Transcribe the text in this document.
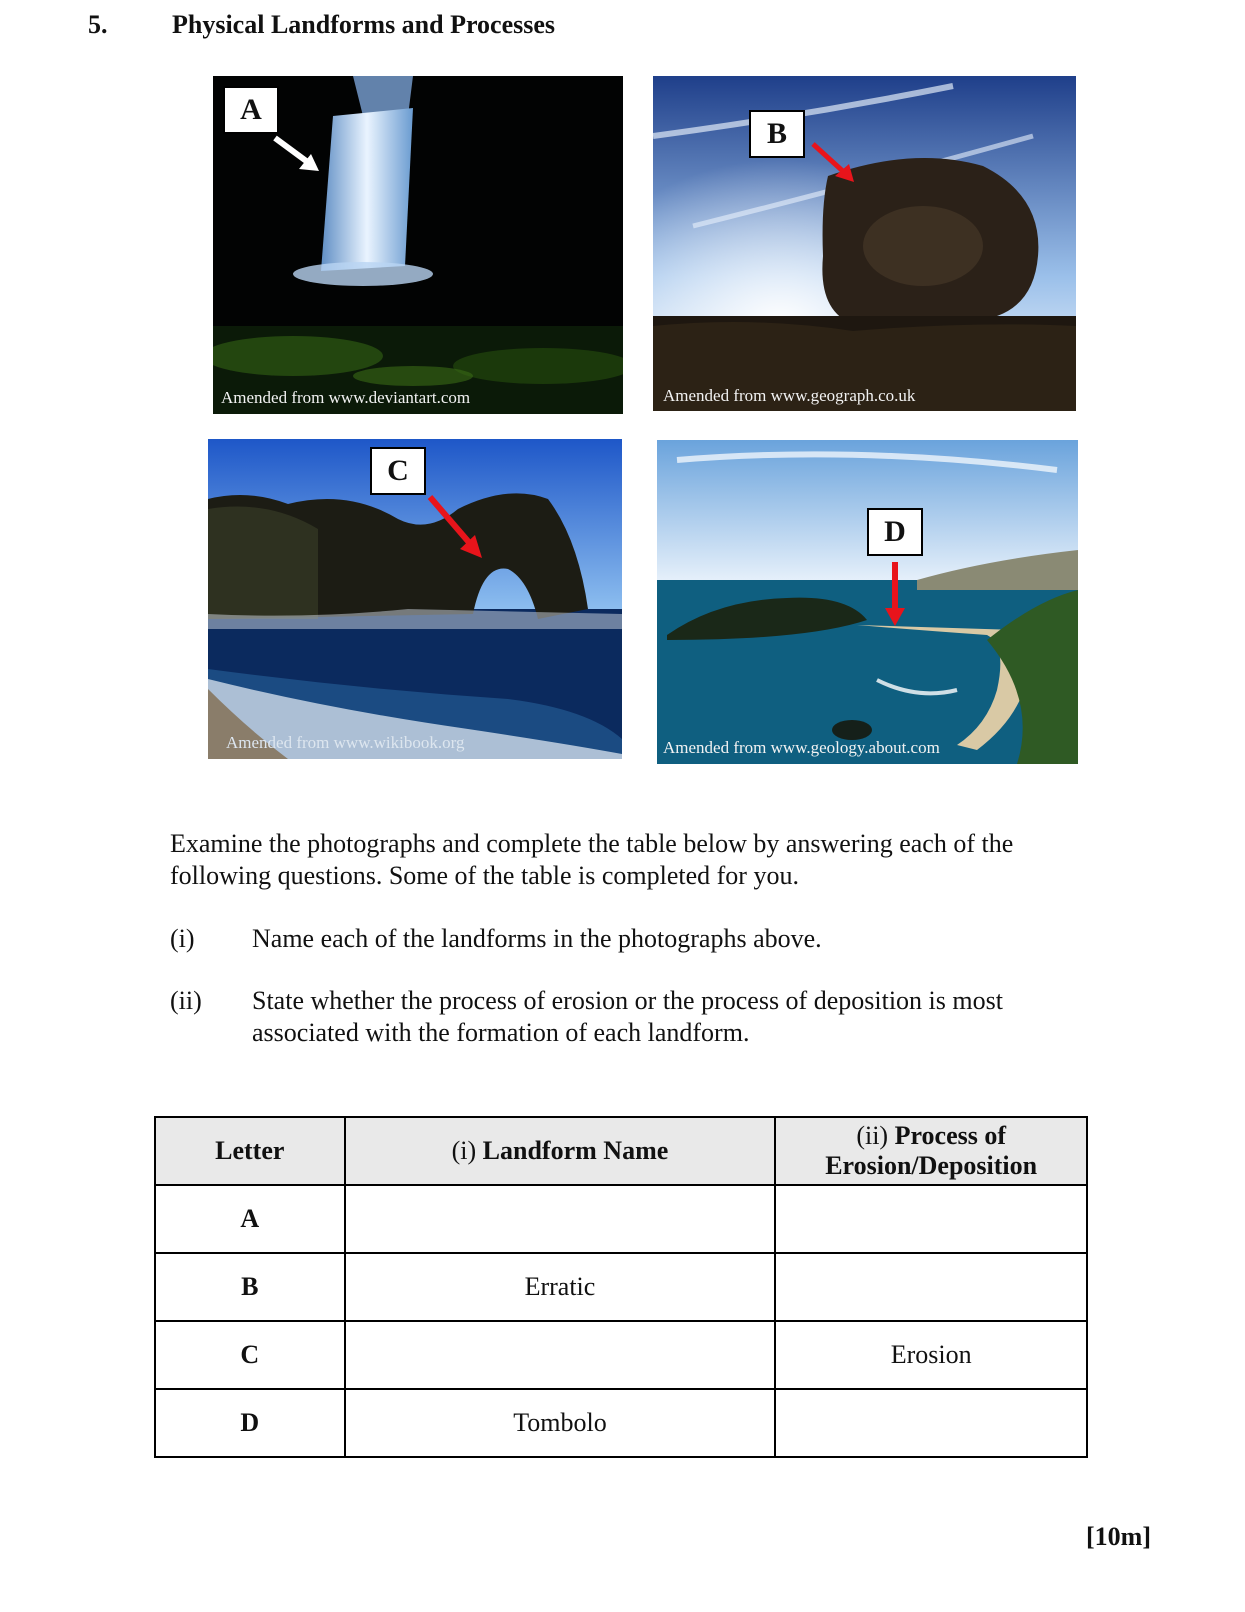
5. Physical Landforms and Processes
A
Amended from www.deviantart.com
B
Amended from www.geograph.co.uk
C
Amended from www.wikibook.org
D
Amended from www.geology.about.com
Examine the photographs and complete the table below by answering each of the following questions. Some of the table is completed for you.
(i) Name each of the landforms in the photographs above.
(ii) State whether the process of erosion or the process of deposition is most associated with the formation of each landform.
Letter	(i) Landform Name	(ii) Process of
Erosion/Deposition
A		
B	Erratic	
C		Erosion
D	Tombolo	
[10m]
